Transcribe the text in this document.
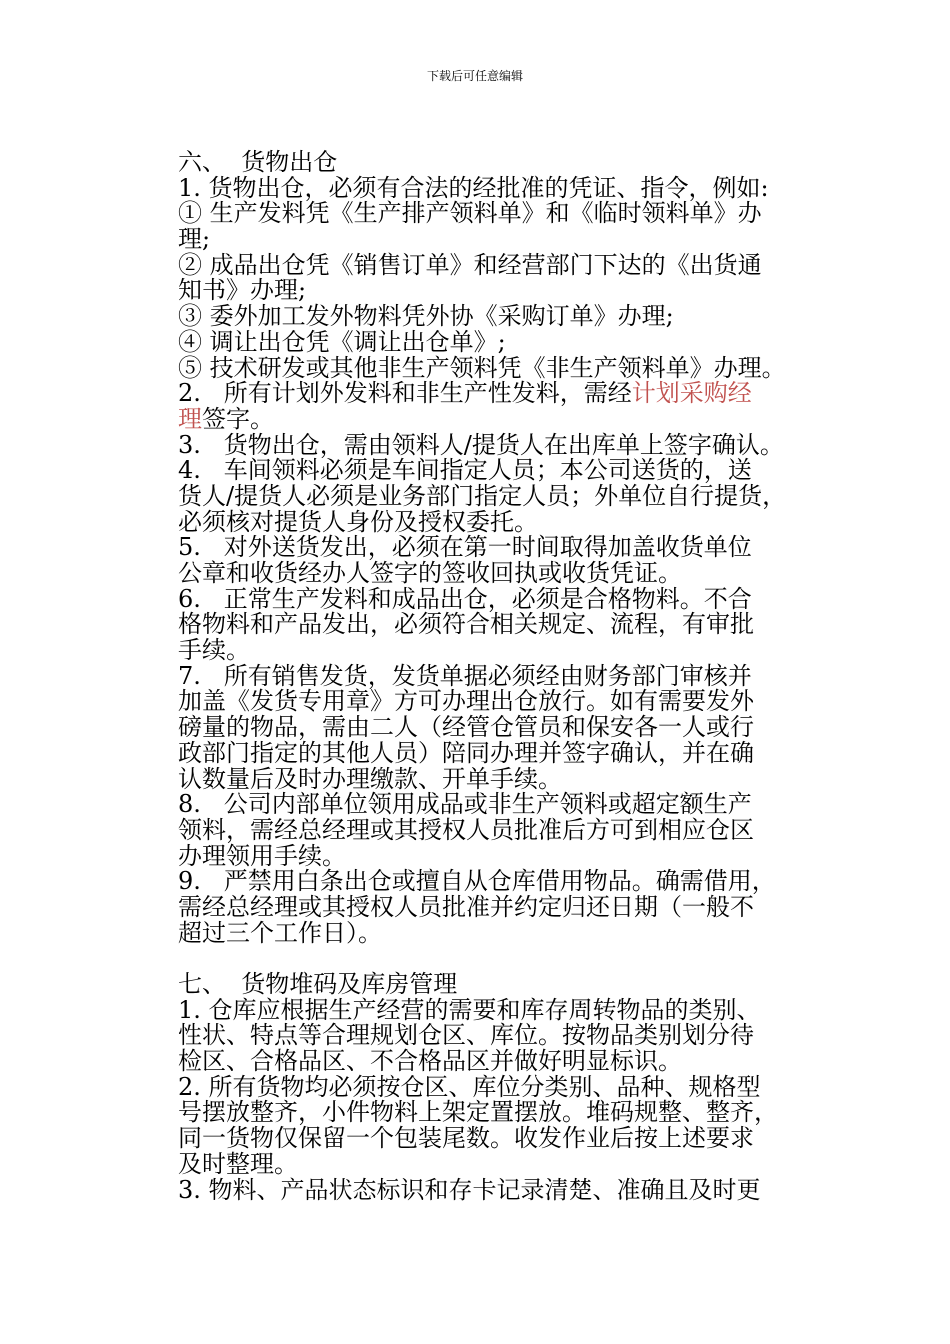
下载后可任意编辑
六、  货物出仓
1. 货物出仓，必须有合法的经批准的凭证、指令，例如:
① 生产发料凭《生产排产领料单》和《临时领料单》办
理;
② 成品出仓凭《销售订单》和经营部门下达的《出货通
知书》办理;
③ 委外加工发外物料凭外协《采购订单》办理;
④ 调让出仓凭《调让出仓单》;
⑤ 技术研发或其他非生产领料凭《非生产领料单》办理。
2.   所有计划外发料和非生产性发料，需经计划采购经
理签字。
3.   货物出仓，需由领料人/提货人在出库单上签字确认。
4.   车间领料必须是车间指定人员；本公司送货的，送
货人/提货人必须是业务部门指定人员；外单位自行提货，
必须核对提货人身份及授权委托。
5.   对外送货发出，必须在第一时间取得加盖收货单位
公章和收货经办人签字的签收回执或收货凭证。
6.   正常生产发料和成品出仓，必须是合格物料。不合
格物料和产品发出，必须符合相关规定、流程，有审批
手续。
7.   所有销售发货，发货单据必须经由财务部门审核并
加盖《发货专用章》方可办理出仓放行。如有需要发外
磅量的物品，需由二人（经管仓管员和保安各一人或行
政部门指定的其他人员）陪同办理并签字确认，并在确
认数量后及时办理缴款、开单手续。
8.   公司内部单位领用成品或非生产领料或超定额生产
领料，需经总经理或其授权人员批准后方可到相应仓区
办理领用手续。
9.   严禁用白条出仓或擅自从仓库借用物品。确需借用，
需经总经理或其授权人员批准并约定归还日期（一般不
超过三个工作日）。
七、  货物堆码及库房管理
1. 仓库应根据生产经营的需要和库存周转物品的类别、
性状、特点等合理规划仓区、库位。按物品类别划分待
检区、合格品区、不合格品区并做好明显标识。
2. 所有货物均必须按仓区、库位分类别、品种、规格型
号摆放整齐，小件物料上架定置摆放。堆码规整、整齐，
同一货物仅保留一个包装尾数。收发作业后按上述要求
及时整理。
3. 物料、产品状态标识和存卡记录清楚、准确且及时更
